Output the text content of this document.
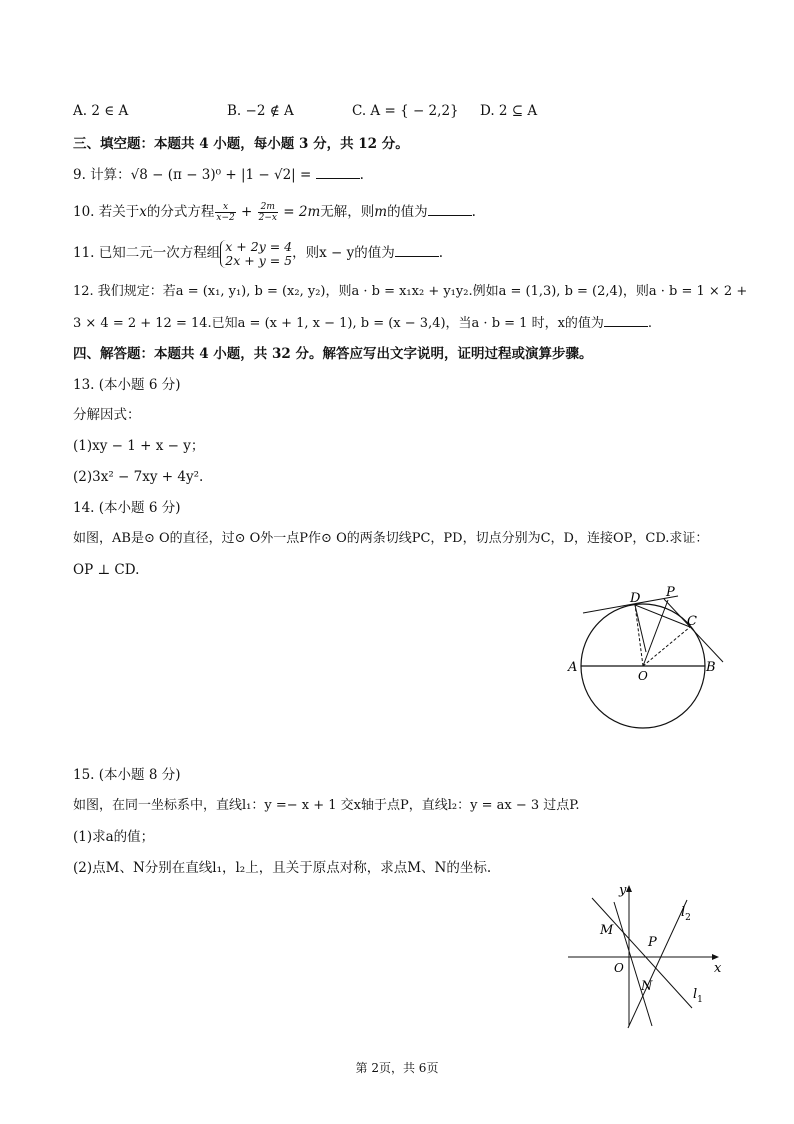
A. 2 ∈ A	B. −2 ∉ A	C. A = { − 2,2} D. 2 ⊆ A
三、填空题：本题共 4 小题，每小题 3 分，共 12 分。
9. 计算：√8 − (π − 3)⁰ + |1 − √2| =	.
10. 若关于x的分式方程 $\frac{x}{x-2} + \frac{2m}{2-x} = 2m$无解，则m的值为	.
11. 已知二元一次方程组 x + 2y = 4
2x + y = 5 ，则x − y的值为	.
12. 我们规定：若a = (x₁, y₁), b = (x₂, y₂)，则a · b = x₁x₂ + y₁y₂.例如a = (1,3), b = (2,4)，则a · b = 1 × 2 +
3 × 4 = 2 + 12 = 14.已知a = (x + 1, x − 1), b = (x − 3,4)，当a · b = 1 时，x的值为	.
四、解答题：本题共 4 小题，共 32 分。解答应写出文字说明，证明过程或演算步骤。
13. (本小题 6 分)
分解因式：
(1)xy − 1 + x − y；
(2)3x² − 7xy + 4y².
14. (本小题 6 分)
如图，AB是⊙ O的直径，过⊙ O外一点P作⊙ O的两条切线PC，PD，切点分别为C，D，连接OP，CD.求证：
OP ⊥ CD.
A	B
O
D P
C
15. (本小题 8 分)
如图，在同一坐标系中，直线l₁：y =− x + 1 交x轴于点P，直线l₂：y = ax − 3 过点P.
(1)求a的值；
(2)点M、N分别在直线l₁，l₂上，且关于原点对称，求点M、N的坐标.
y
x
O
P
M
N
$l_2$
$l_1$
第 2页，共 6页
